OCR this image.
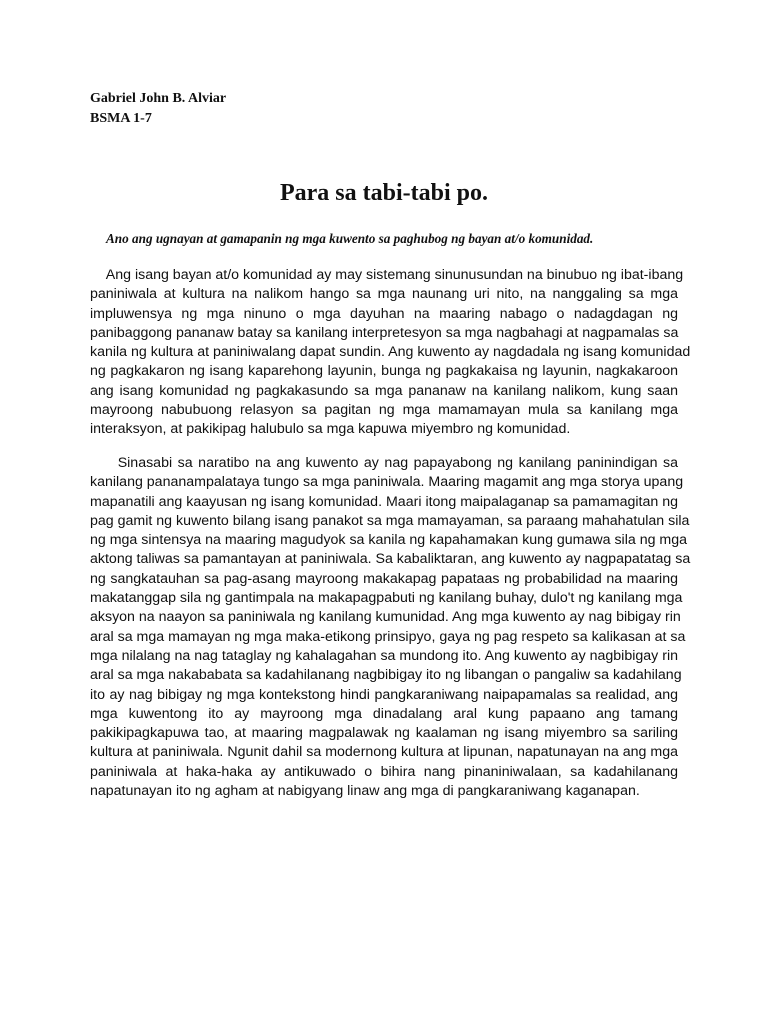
Gabriel John B. Alviar
BSMA 1-7
Para sa tabi-tabi po.
Ano ang ugnayan at gamapanin ng mga kuwento sa paghubog ng bayan at/o komunidad.
Ang isang bayan at/o komunidad ay may sistemang sinunusundan na binubuo ng ibat-ibang
paniniwala at kultura na nalikom hango sa mga naunang uri nito, na nanggaling sa mga
impluwensya ng mga ninuno o mga dayuhan na maaring nabago o nadagdagan ng
panibaggong pananaw batay sa kanilang interpretesyon sa mga nagbahagi at nagpamalas sa
kanila ng kultura at paniniwalang dapat sundin. Ang kuwento ay nagdadala ng isang komunidad
ng pagkakaron ng isang kaparehong layunin, bunga ng pagkakaisa ng layunin, nagkakaroon
ang isang komunidad ng pagkakasundo sa mga pananaw na kanilang nalikom, kung saan
mayroong nabubuong relasyon sa pagitan ng mga mamamayan mula sa kanilang mga
interaksyon, at pakikipag halubulo sa mga kapuwa miyembro ng komunidad.
Sinasabi sa naratibo na ang kuwento ay nag papayabong ng kanilang paninindigan sa
kanilang pananampalataya tungo sa mga paniniwala. Maaring magamit ang mga storya upang
mapanatili ang kaayusan ng isang komunidad. Maari itong maipalaganap sa pamamagitan ng
pag gamit ng kuwento bilang isang panakot sa mga mamayaman, sa paraang mahahatulan sila
ng mga sintensya na maaring magudyok sa kanila ng kapahamakan kung gumawa sila ng mga
aktong taliwas sa pamantayan at paniniwala. Sa kabaliktaran, ang kuwento ay nagpapatatag sa
ng sangkatauhan sa pag-asang mayroong makakapag papataas ng probabilidad na maaring
makatanggap sila ng gantimpala na makapagpabuti ng kanilang buhay, dulo't ng kanilang mga
aksyon na naayon sa paniniwala ng kanilang kumunidad. Ang mga kuwento ay nag bibigay rin
aral sa mga mamayan ng mga maka-etikong prinsipyo, gaya ng pag respeto sa kalikasan at sa
mga nilalang na nag tataglay ng kahalagahan sa mundong ito. Ang kuwento ay nagbibigay rin
aral sa mga nakababata sa kadahilanang nagbibigay ito ng libangan o pangaliw sa kadahilang
ito ay nag bibigay ng mga kontekstong hindi pangkaraniwang naipapamalas sa realidad, ang
mga kuwentong ito ay mayroong mga dinadalang aral kung papaano ang tamang
pakikipagkapuwa tao, at maaring magpalawak ng kaalaman ng isang miyembro sa sariling
kultura at paniniwala. Ngunit dahil sa modernong kultura at lipunan, napatunayan na ang mga
paniniwala at haka-haka ay antikuwado o bihira nang pinaniniwalaan, sa kadahilanang
napatunayan ito ng agham at nabigyang linaw ang mga di pangkaraniwang kaganapan.
